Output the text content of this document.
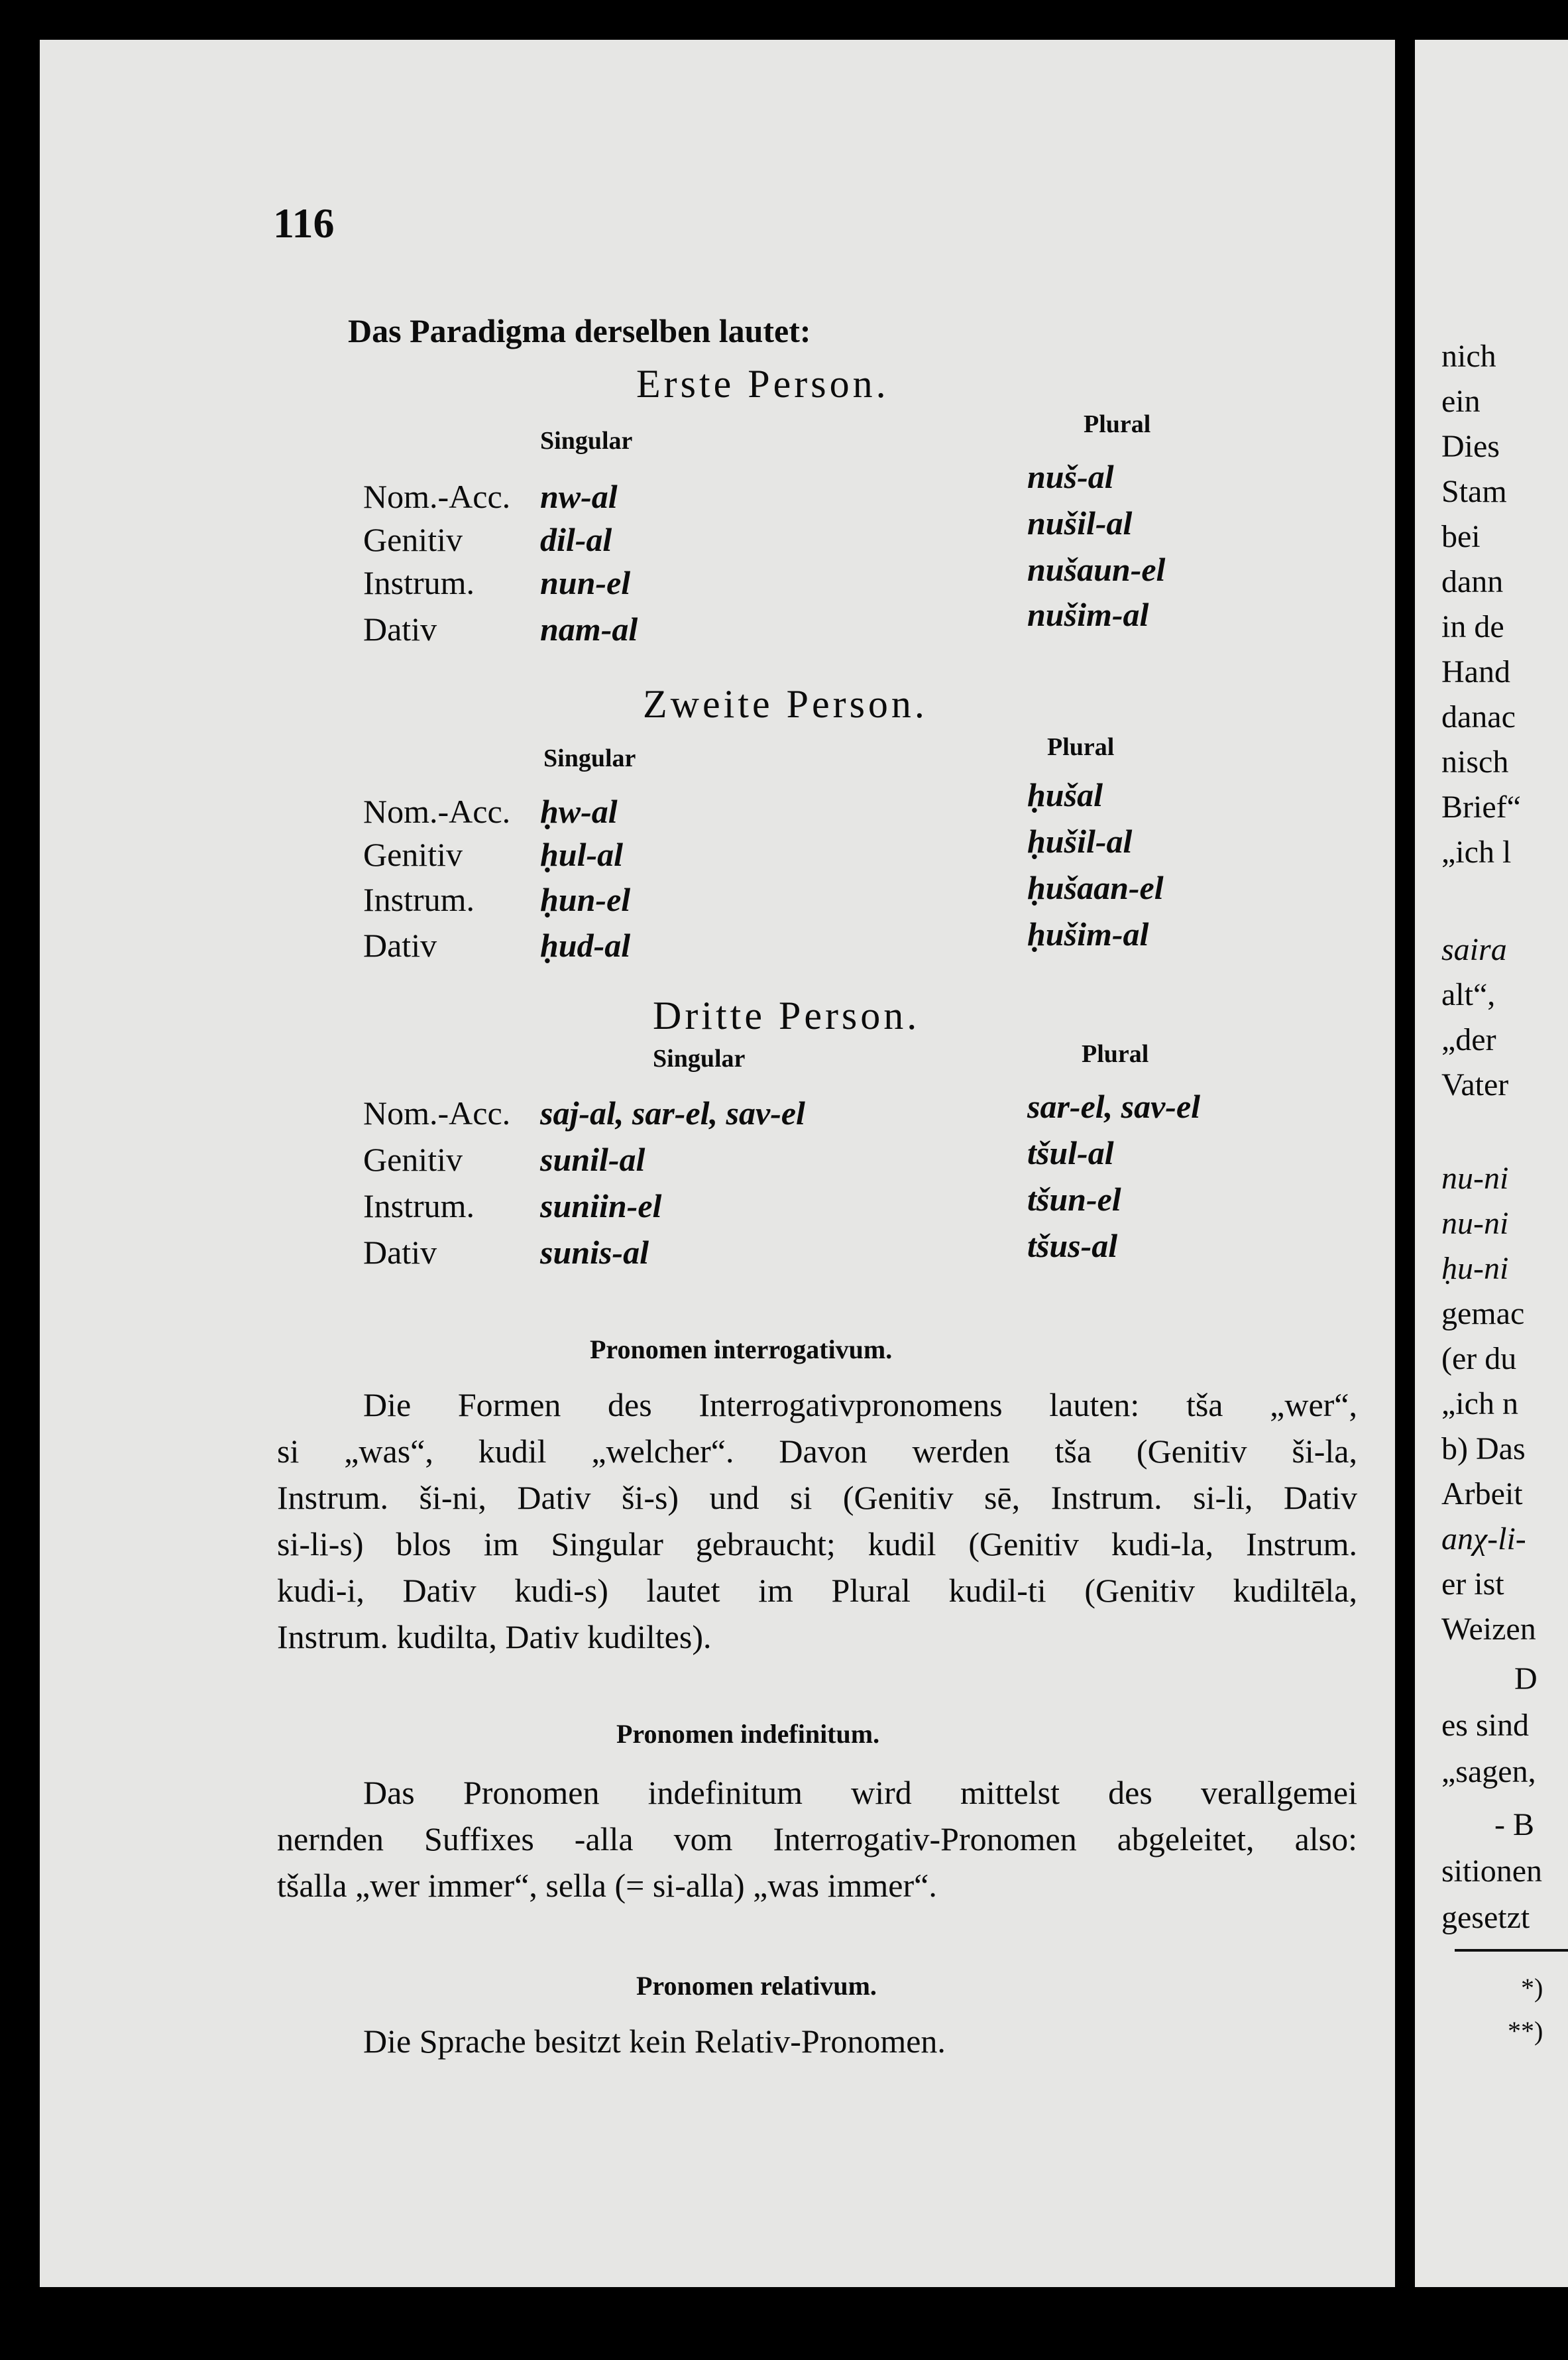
116
Das Paradigma derselben lautet:
Erste Person.
Singular
Plural
Nom.-Acc.
Genitiv
Instrum.
Dativ
nw-al
dil-al
nun-el
nam-al
nuš-al
nušil-al
nušaun-el
nušim-al
Zweite Person.
Singular	Plural
Nom.-Acc.
Genitiv
Instrum.
Dativ
ḥw-al
ḥul-al
ḥun-el
ḥud-al
ḥušal
ḥušil-al
ḥušaan-el
ḥušim-al
Dritte Person.
Singular	Plural
Nom.-Acc.
Genitiv
Instrum.
Dativ
saj-al, sar-el, sav-el
sunil-al
suniin-el
sunis-al
sar-el, sav-el
tšul-al
tšun-el
tšus-al
Pronomen interrogativum.
Die Formen des Interrogativpronomens lauten: tša „wer“,
si „was“, kudil „welcher“. Davon werden tša (Genitiv ši-la,
Instrum. ši-ni, Dativ ši-s) und si (Genitiv sē, Instrum. si-li, Dativ
si-li-s) blos im Singular gebraucht; kudil (Genitiv kudi-la, Instrum.
kudi-i, Dativ kudi-s) lautet im Plural kudil-ti (Genitiv kudiltēla,
Instrum. kudilta, Dativ kudiltes).
Pronomen indefinitum.
Das Pronomen indefinitum wird mittelst des verallgemei
nernden Suffixes -alla vom Interrogativ-Pronomen abgeleitet, also:
tšalla „wer immer“, sella (= si-alla) „was immer“.
Pronomen relativum.
Die Sprache besitzt kein Relativ-Pronomen.
nich
ein
Dies
Stam
bei
dann
in de
Hand
danac
nisch
Brief“
„ich l
saira
alt“,
„der
Vater
nu-ni
nu-ni
ḥu-ni
gemac
(er du
„ich n
b) Das
Arbeit
anχ-li-
er ist
Weizen
D
es sind
„sagen,
- B
sitionen
gesetzt
*)
**)
